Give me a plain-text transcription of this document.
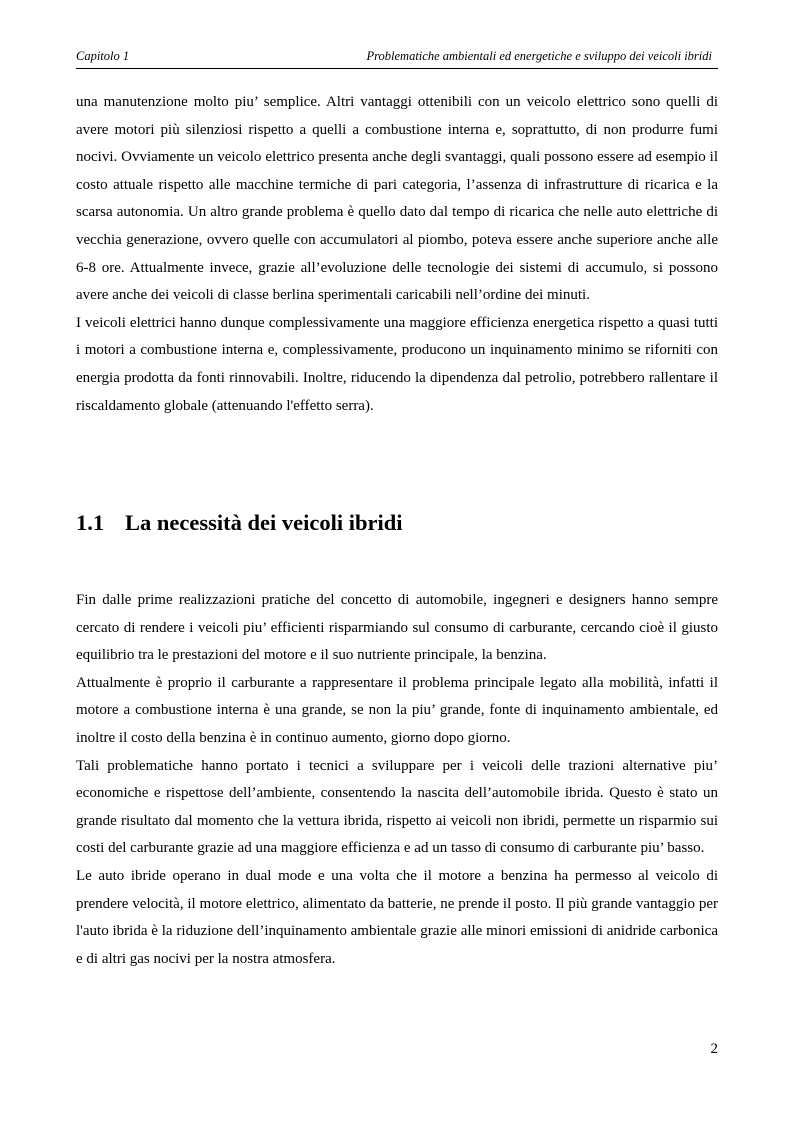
Capitolo 1	Problematiche ambientali ed energetiche e sviluppo dei veicoli ibridi

una manutenzione molto piu’ semplice. Altri vantaggi ottenibili con un veicolo elettrico sono quelli di avere motori più silenziosi rispetto a quelli a combustione interna e, soprattutto, di non produrre fumi nocivi. Ovviamente un veicolo elettrico presenta anche degli svantaggi, quali possono essere ad esempio il costo attuale rispetto alle macchine termiche di pari categoria, l’assenza di infrastrutture di ricarica e la scarsa autonomia. Un altro grande problema è quello dato dal tempo di ricarica che nelle auto elettriche di vecchia generazione, ovvero quelle con accumulatori al piombo, poteva essere anche superiore anche alle 6-8 ore. Attualmente invece, grazie all’evoluzione delle tecnologie dei sistemi di accumulo, si possono avere anche dei veicoli di classe berlina sperimentali caricabili nell’ordine dei minuti.

I veicoli elettrici hanno dunque complessivamente una maggiore efficienza energetica rispetto a quasi tutti i motori a combustione interna e, complessivamente, producono un inquinamento minimo se riforniti con energia prodotta da fonti rinnovabili. Inoltre, riducendo la dipendenza dal petrolio, potrebbero rallentare il riscaldamento globale (attenuando l'effetto serra).

1.1 La necessità dei veicoli ibridi

Fin dalle prime realizzazioni pratiche del concetto di automobile, ingegneri e designers hanno sempre cercato di rendere i veicoli piu’ efficienti risparmiando sul consumo di carburante, cercando cioè il giusto equilibrio tra le prestazioni del motore e il suo nutriente principale, la benzina.

Attualmente è proprio il carburante a rappresentare il problema principale legato alla mobilità, infatti il motore a combustione interna è una grande, se non la piu’ grande, fonte di inquinamento ambientale, ed inoltre il costo della benzina è in continuo aumento, giorno dopo giorno.

Tali problematiche hanno portato i tecnici a sviluppare per i veicoli delle trazioni alternative piu’ economiche e rispettose dell’ambiente, consentendo la nascita dell’automobile ibrida. Questo è stato un grande risultato dal momento che la vettura ibrida, rispetto ai veicoli non ibridi, permette un risparmio sui costi del carburante grazie ad una maggiore efficienza e ad un tasso di consumo di carburante piu’ basso.

Le auto ibride operano in dual mode e una volta che il motore a benzina ha permesso al veicolo di prendere velocità, il motore elettrico, alimentato da batterie, ne prende il posto. Il più grande vantaggio per l'auto ibrida è la riduzione dell’inquinamento ambientale grazie alle minori emissioni di anidride carbonica e di altri gas nocivi per la nostra atmosfera.

2
